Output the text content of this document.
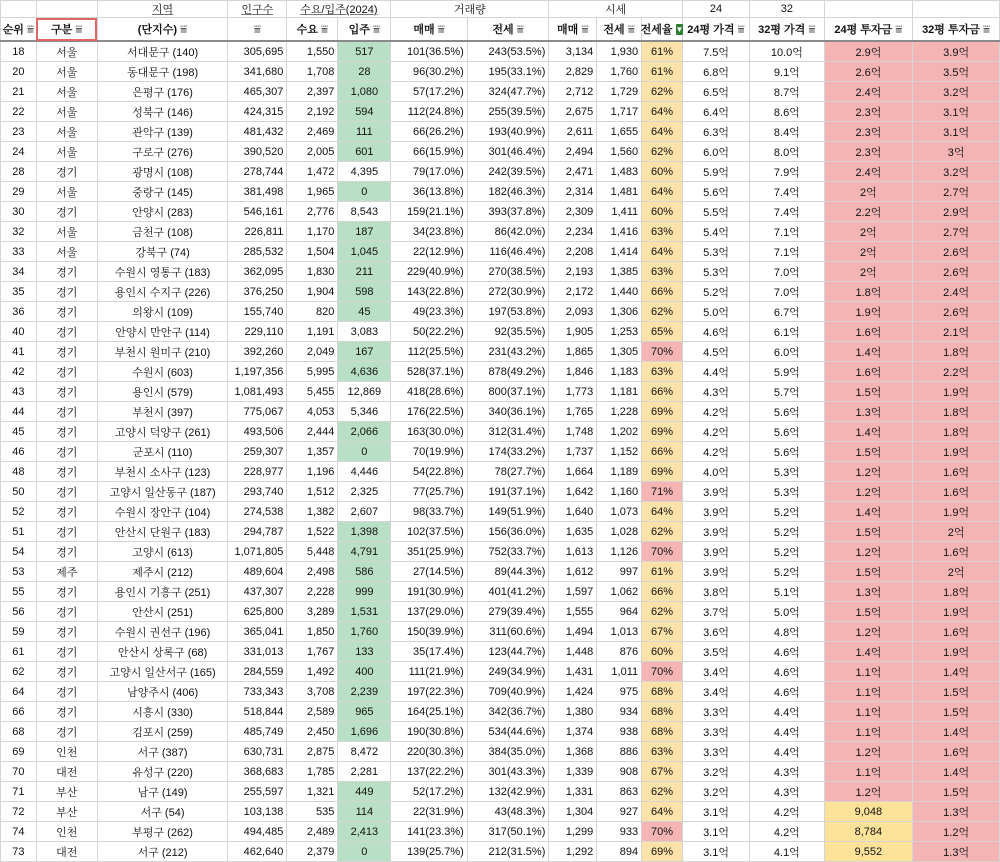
		지역	인구수	수요/입주(2024)		거래량		시세			24	32		

순위 ⩸	구분 ⩸	(단지수) ⩸	⩸	수요 ⩸	입주 ⩸	매매 ⩸	전세 ⩸	매매 ⩸	전세 ⩸	전세율 ▼	24평 가격 ⩸	32평 가격 ⩸	24평 투자금 ⩸	32평 투자금 ⩸

18	서울	서대문구 (140)	305,695	1,550	517	101(36.5%)	243(53.5%)	3,134	1,930	61%	7.5억	10.0억	2.9억	3.9억
20	서울	동대문구 (198)	341,680	1,708	28	96(30.2%)	195(33.1%)	2,829	1,760	61%	6.8억	9.1억	2.6억	3.5억
21	서울	은평구 (176)	465,307	2,397	1,080	57(17.2%)	324(47.7%)	2,712	1,729	62%	6.5억	8.7억	2.4억	3.2억
22	서울	성북구 (146)	424,315	2,192	594	112(24.8%)	255(39.5%)	2,675	1,717	64%	6.4억	8.6억	2.3억	3.1억
23	서울	관악구 (139)	481,432	2,469	111	66(26.2%)	193(40.9%)	2,611	1,655	64%	6.3억	8.4억	2.3억	3.1억
24	서울	구로구 (276)	390,520	2,005	601	66(15.9%)	301(46.4%)	2,494	1,560	62%	6.0억	8.0억	2.3억	3억
28	경기	광명시 (108)	278,744	1,472	4,395	79(17.0%)	242(39.5%)	2,471	1,483	60%	5.9억	7.9억	2.4억	3.2억
29	서울	중랑구 (145)	381,498	1,965	0	36(13.8%)	182(46.3%)	2,314	1,481	64%	5.6억	7.4억	2억	2.7억
30	경기	안양시 (283)	546,161	2,776	8,543	159(21.1%)	393(37.8%)	2,309	1,411	60%	5.5억	7.4억	2.2억	2.9억
32	서울	금천구 (108)	226,811	1,170	187	34(23.8%)	86(42.0%)	2,234	1,416	63%	5.4억	7.1억	2억	2.7억
33	서울	강북구 (74)	285,532	1,504	1,045	22(12.9%)	116(46.4%)	2,208	1,414	64%	5.3억	7.1억	2억	2.6억
34	경기	수원시 영통구 (183)	362,095	1,830	211	229(40.9%)	270(38.5%)	2,193	1,385	63%	5.3억	7.0억	2억	2.6억
35	경기	용인시 수지구 (226)	376,250	1,904	598	143(22.8%)	272(30.9%)	2,172	1,440	66%	5.2억	7.0억	1.8억	2.4억
36	경기	의왕시 (109)	155,740	820	45	49(23.3%)	197(53.8%)	2,093	1,306	62%	5.0억	6.7억	1.9억	2.6억
40	경기	안양시 만안구 (114)	229,110	1,191	3,083	50(22.2%)	92(35.5%)	1,905	1,253	65%	4.6억	6.1억	1.6억	2.1억
41	경기	부천시 원미구 (210)	392,260	2,049	167	112(25.5%)	231(43.2%)	1,865	1,305	70%	4.5억	6.0억	1.4억	1.8억
42	경기	수원시 (603)	1,197,356	5,995	4,636	528(37.1%)	878(49.2%)	1,846	1,183	63%	4.4억	5.9억	1.6억	2.2억
43	경기	용인시 (579)	1,081,493	5,455	12,869	418(28.6%)	800(37.1%)	1,773	1,181	66%	4.3억	5.7억	1.5억	1.9억
44	경기	부천시 (397)	775,067	4,053	5,346	176(22.5%)	340(36.1%)	1,765	1,228	69%	4.2억	5.6억	1.3억	1.8억
45	경기	고양시 덕양구 (261)	493,506	2,444	2,066	163(30.0%)	312(31.4%)	1,748	1,202	69%	4.2억	5.6억	1.4억	1.8억
46	경기	군포시 (110)	259,307	1,357	0	70(19.9%)	174(33.2%)	1,737	1,152	66%	4.2억	5.6억	1.5억	1.9억
48	경기	부천시 소사구 (123)	228,977	1,196	4,446	54(22.8%)	78(27.7%)	1,664	1,189	69%	4.0억	5.3억	1.2억	1.6억
50	경기	고양시 일산동구 (187)	293,740	1,512	2,325	77(25.7%)	191(37.1%)	1,642	1,160	71%	3.9억	5.3억	1.2억	1.6억
52	경기	수원시 장안구 (104)	274,538	1,382	2,607	98(33.7%)	149(51.9%)	1,640	1,073	64%	3.9억	5.2억	1.4억	1.9억
51	경기	안산시 단원구 (183)	294,787	1,522	1,398	102(37.5%)	156(36.0%)	1,635	1,028	62%	3.9억	5.2억	1.5억	2억
54	경기	고양시 (613)	1,071,805	5,448	4,791	351(25.9%)	752(33.7%)	1,613	1,126	70%	3.9억	5.2억	1.2억	1.6억
53	제주	제주시 (212)	489,604	2,498	586	27(14.5%)	89(44.3%)	1,612	997	61%	3.9억	5.2억	1.5억	2억
55	경기	용인시 기흥구 (251)	437,307	2,228	999	191(30.9%)	401(41.2%)	1,597	1,062	66%	3.8억	5.1억	1.3억	1.8억
56	경기	안산시 (251)	625,800	3,289	1,531	137(29.0%)	279(39.4%)	1,555	964	62%	3.7억	5.0억	1.5억	1.9억
59	경기	수원시 권선구 (196)	365,041	1,850	1,760	150(39.9%)	311(60.6%)	1,494	1,013	67%	3.6억	4.8억	1.2억	1.6억
61	경기	안산시 상록구 (68)	331,013	1,767	133	35(17.4%)	123(44.7%)	1,448	876	60%	3.5억	4.6억	1.4억	1.9억
62	경기	고양시 일산서구 (165)	284,559	1,492	400	111(21.9%)	249(34.9%)	1,431	1,011	70%	3.4억	4.6억	1.1억	1.4억
64	경기	남양주시 (406)	733,343	3,708	2,239	197(22.3%)	709(40.9%)	1,424	975	68%	3.4억	4.6억	1.1억	1.5억
66	경기	시흥시 (330)	518,844	2,589	965	164(25.1%)	342(36.7%)	1,380	934	68%	3.3억	4.4억	1.1억	1.5억
68	경기	김포시 (259)	485,749	2,450	1,696	190(30.8%)	534(44.6%)	1,374	938	68%	3.3억	4.4억	1.1억	1.4억
69	인천	서구 (387)	630,731	2,875	8,472	220(30.3%)	384(35.0%)	1,368	886	63%	3.3억	4.4억	1.2억	1.6억
70	대전	유성구 (220)	368,683	1,785	2,281	137(22.2%)	301(43.3%)	1,339	908	67%	3.2억	4.3억	1.1억	1.4억
71	부산	남구 (149)	255,597	1,321	449	52(17.2%)	132(42.9%)	1,331	863	62%	3.2억	4.3억	1.2억	1.5억
72	부산	서구 (54)	103,138	535	114	22(31.9%)	43(48.3%)	1,304	927	64%	3.1억	4.2억	9,048	1.3억
74	인천	부평구 (262)	494,485	2,489	2,413	141(23.3%)	317(50.1%)	1,299	933	70%	3.1억	4.2억	8,784	1.2억
73	대전	서구 (212)	462,640	2,379	0	139(25.7%)	212(31.5%)	1,292	894	69%	3.1억	4.1억	9,552	1.3억
